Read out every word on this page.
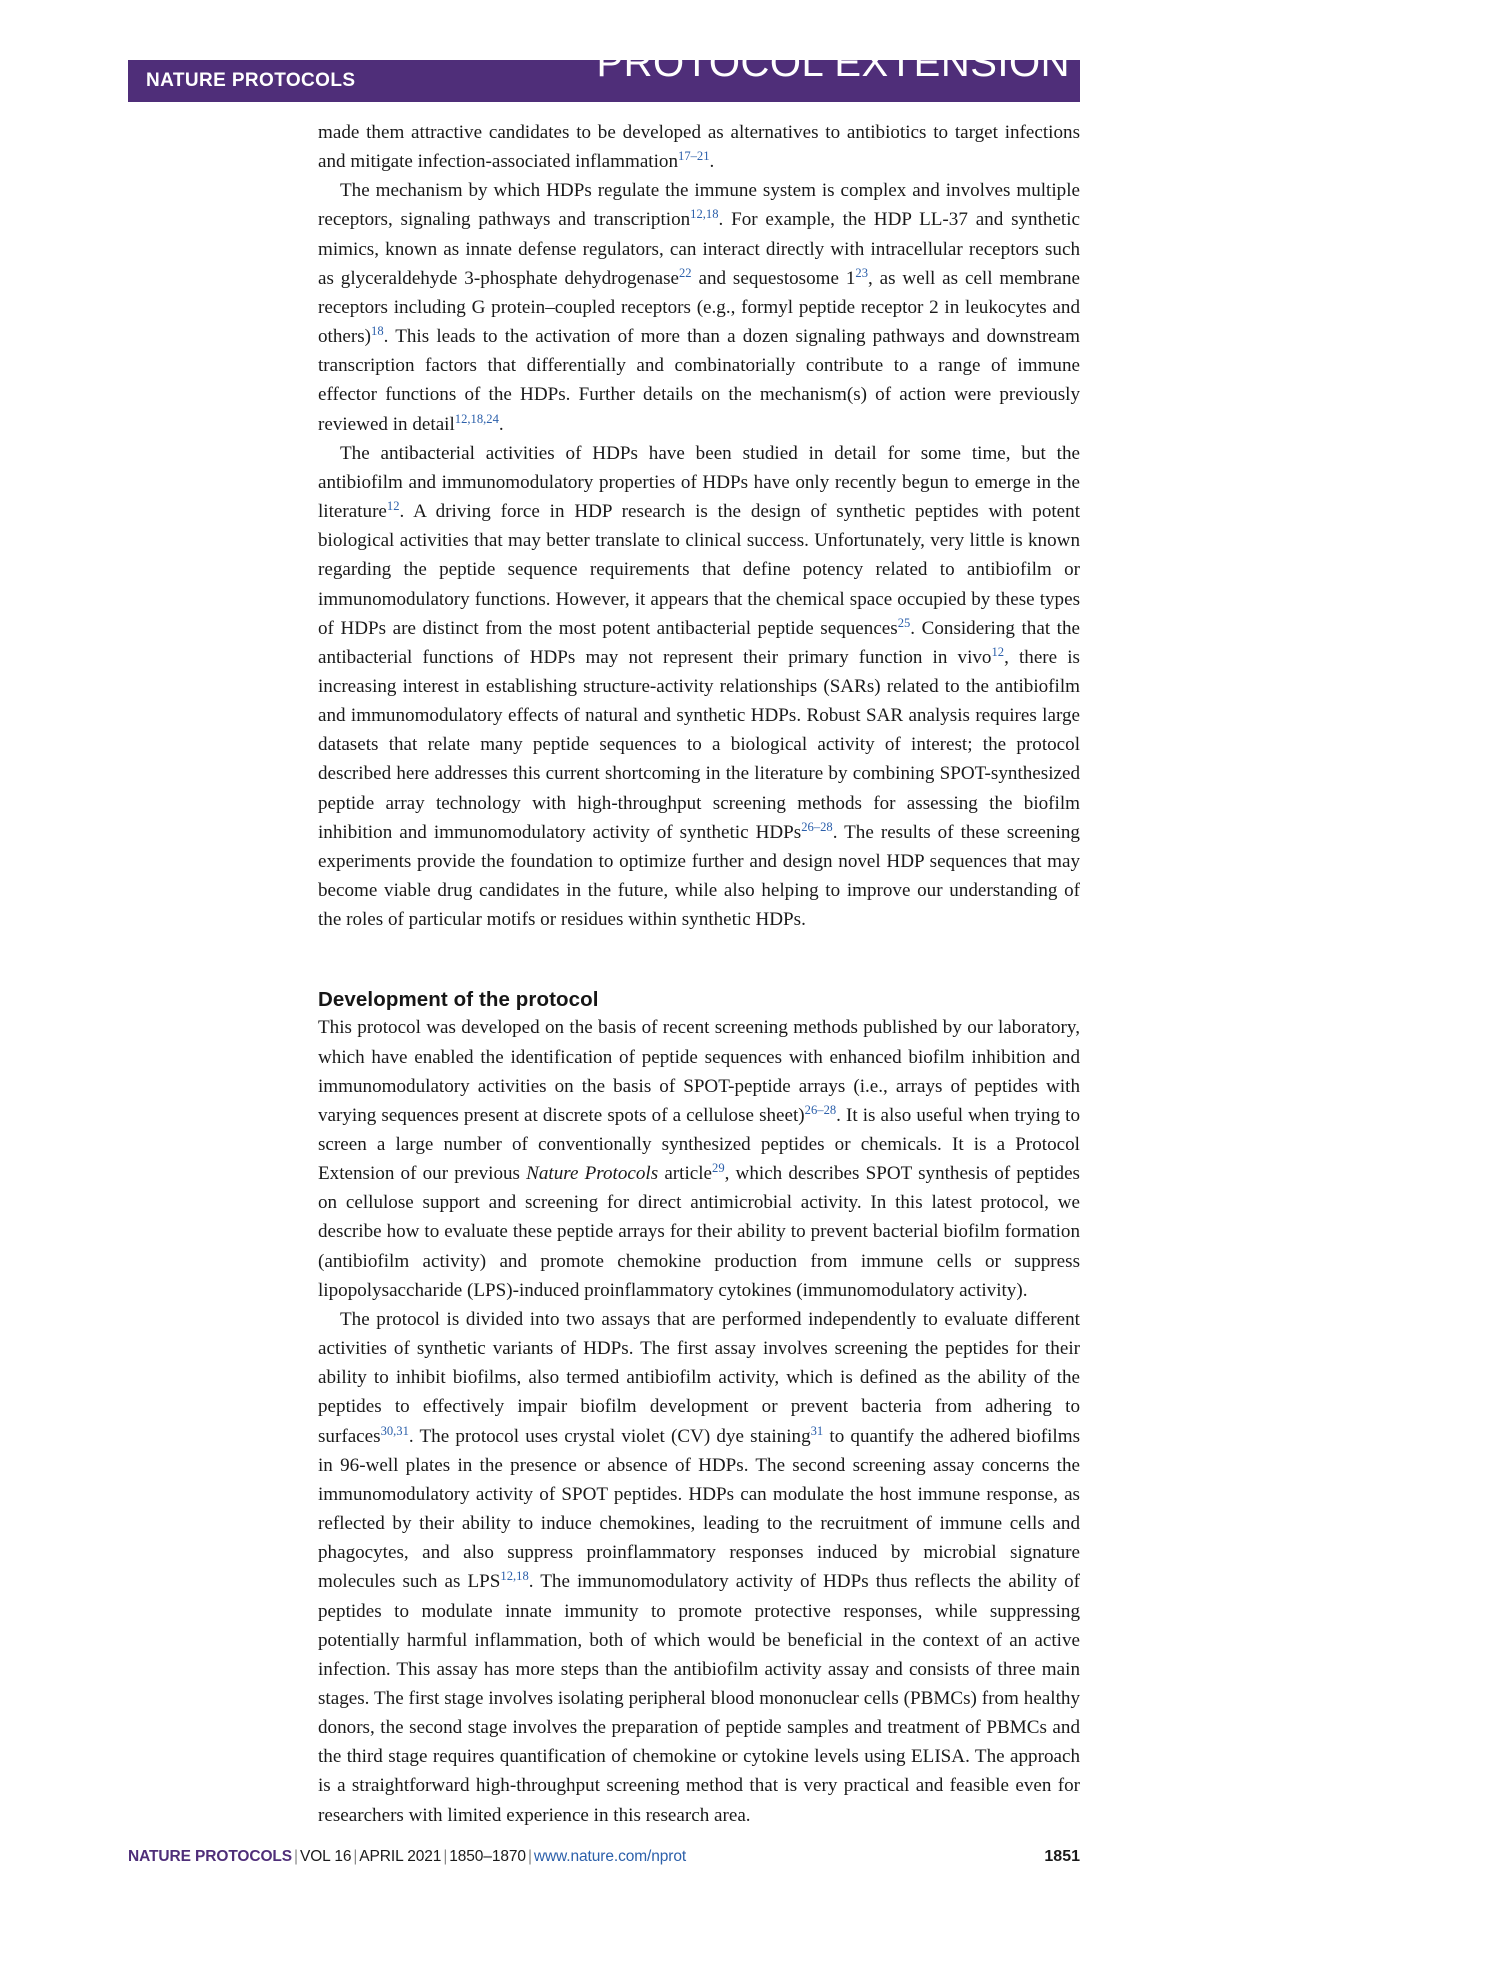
NATURE PROTOCOLS	PROTOCOL EXTENSION

made them attractive candidates to be developed as alternatives to antibiotics to target infections and mitigate infection-associated inflammation$^{17-21}$.

The mechanism by which HDPs regulate the immune system is complex and involves multiple receptors, signaling pathways and transcription$^{12,18}$. For example, the HDP LL-37 and synthetic mimics, known as innate defense regulators, can interact directly with intracellular receptors such as glyceraldehyde 3-phosphate dehydrogenase$^{22}$ and sequestosome 1$^{23}$, as well as cell membrane receptors including G protein–coupled receptors (e.g., formyl peptide receptor 2 in leukocytes and others)$^{18}$. This leads to the activation of more than a dozen signaling pathways and downstream transcription factors that differentially and combinatorially contribute to a range of immune effector functions of the HDPs. Further details on the mechanism(s) of action were previously reviewed in detail$^{12,18,24}$.

The antibacterial activities of HDPs have been studied in detail for some time, but the antibiofilm and immunomodulatory properties of HDPs have only recently begun to emerge in the literature$^{12}$. A driving force in HDP research is the design of synthetic peptides with potent biological activities that may better translate to clinical success. Unfortunately, very little is known regarding the peptide sequence requirements that define potency related to antibiofilm or immunomodulatory functions. However, it appears that the chemical space occupied by these types of HDPs are distinct from the most potent antibacterial peptide sequences$^{25}$. Considering that the antibacterial functions of HDPs may not represent their primary function in vivo$^{12}$, there is increasing interest in establishing structure-activity relationships (SARs) related to the antibiofilm and immunomodulatory effects of natural and synthetic HDPs. Robust SAR analysis requires large datasets that relate many peptide sequences to a biological activity of interest; the protocol described here addresses this current shortcoming in the literature by combining SPOT-synthesized peptide array technology with high-throughput screening methods for assessing the biofilm inhibition and immunomodulatory activity of synthetic HDPs$^{26-28}$. The results of these screening experiments provide the foundation to optimize further and design novel HDP sequences that may become viable drug candidates in the future, while also helping to improve our understanding of the roles of particular motifs or residues within synthetic HDPs.

Development of the protocol

This protocol was developed on the basis of recent screening methods published by our laboratory, which have enabled the identification of peptide sequences with enhanced biofilm inhibition and immunomodulatory activities on the basis of SPOT-peptide arrays (i.e., arrays of peptides with varying sequences present at discrete spots of a cellulose sheet)$^{26-28}$. It is also useful when trying to screen a large number of conventionally synthesized peptides or chemicals. It is a Protocol Extension of our previous Nature Protocols article$^{29}$, which describes SPOT synthesis of peptides on cellulose support and screening for direct antimicrobial activity. In this latest protocol, we describe how to evaluate these peptide arrays for their ability to prevent bacterial biofilm formation (antibiofilm activity) and promote chemokine production from immune cells or suppress lipopolysaccharide (LPS)-induced proinflammatory cytokines (immunomodulatory activity).

The protocol is divided into two assays that are performed independently to evaluate different activities of synthetic variants of HDPs. The first assay involves screening the peptides for their ability to inhibit biofilms, also termed antibiofilm activity, which is defined as the ability of the peptides to effectively impair biofilm development or prevent bacteria from adhering to surfaces$^{30,31}$. The protocol uses crystal violet (CV) dye staining$^{31}$ to quantify the adhered biofilms in 96-well plates in the presence or absence of HDPs. The second screening assay concerns the immunomodulatory activity of SPOT peptides. HDPs can modulate the host immune response, as reflected by their ability to induce chemokines, leading to the recruitment of immune cells and phagocytes, and also suppress proinflammatory responses induced by microbial signature molecules such as LPS$^{12,18}$. The immunomodulatory activity of HDPs thus reflects the ability of peptides to modulate innate immunity to promote protective responses, while suppressing potentially harmful inflammation, both of which would be beneficial in the context of an active infection. This assay has more steps than the antibiofilm activity assay and consists of three main stages. The first stage involves isolating peripheral blood mononuclear cells (PBMCs) from healthy donors, the second stage involves the preparation of peptide samples and treatment of PBMCs and the third stage requires quantification of chemokine or cytokine levels using ELISA. The approach is a straightforward high-throughput screening method that is very practical and feasible even for researchers with limited experience in this research area.

NATURE PROTOCOLS | VOL 16 | APRIL 2021 | 1850–1870 | www.nature.com/nprot	1851
